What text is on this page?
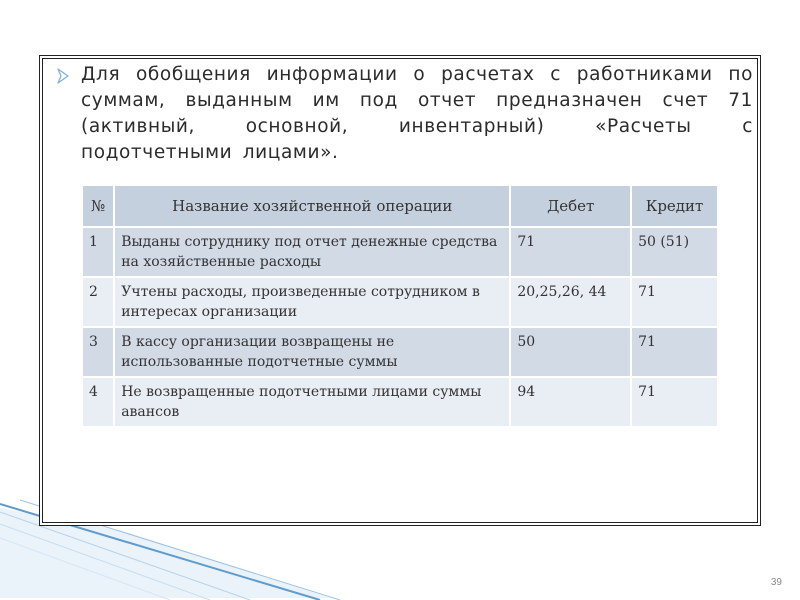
Для обобщения информации о расчетах с работниками по суммам, выданным им под отчет предназначен счет 71 (активный, основной, инвентарный) «Расчеты с подотчетными лицами».

№	Название хозяйственной операции	Дебет	Кредит
1	Выданы сотруднику под отчет денежные средства на хозяйственные расходы	71	50 (51)
2	Учтены расходы, произведенные сотрудником в интересах организации	20,25,26, 44	71
3	В кассу организации возвращены не использованные подотчетные суммы	50	71
4	Не возвращенные подотчетными лицами суммы авансов	94	71
39
